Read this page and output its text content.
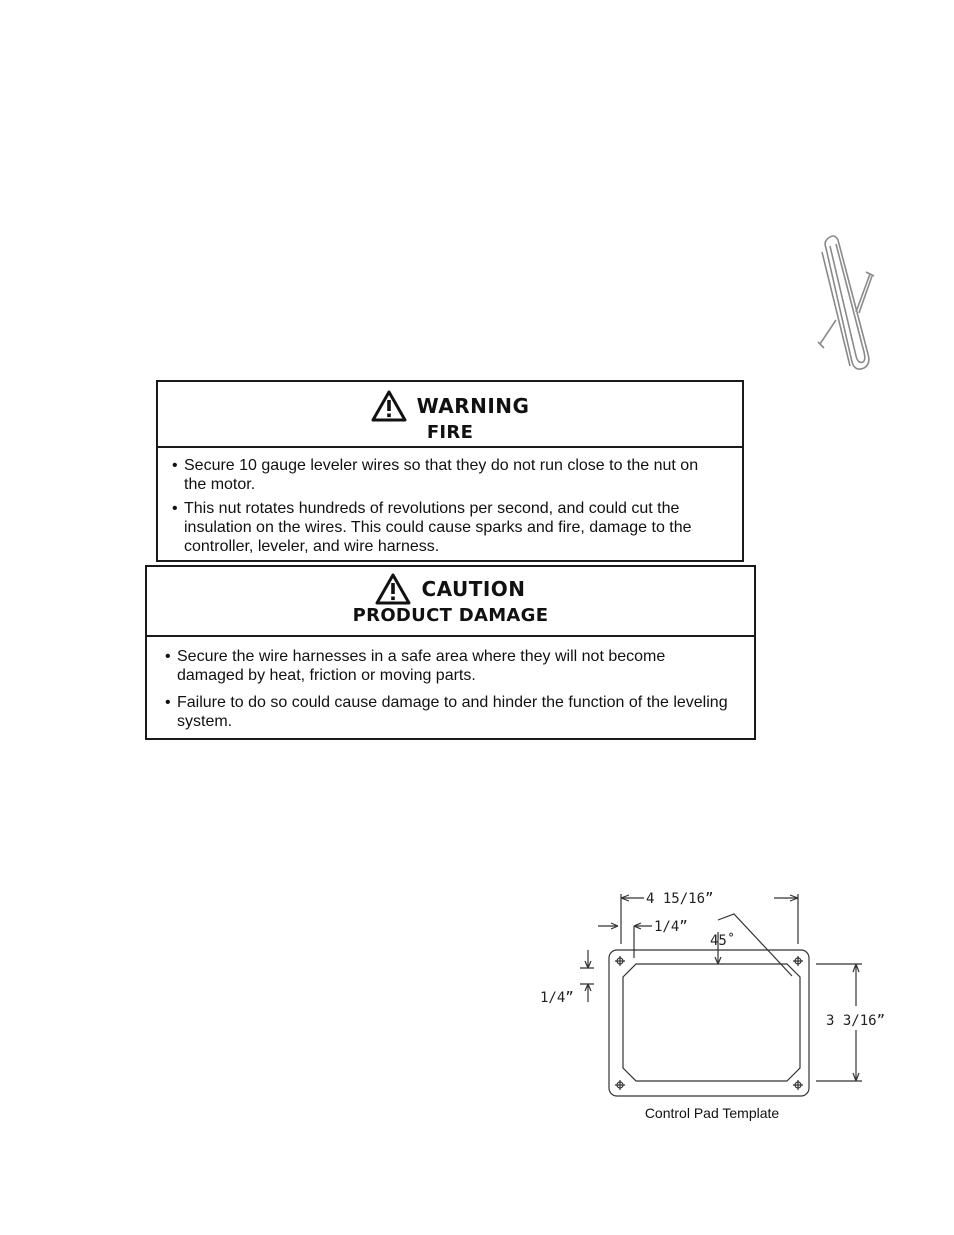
WARNING
FIRE
• Secure 10 gauge leveler wires so that they do not run close to the nut on the motor.
• This nut rotates hundreds of revolutions per second, and could cut the insulation on the wires. This could cause sparks and fire, damage to the controller, leveler, and wire harness.
CAUTION
PRODUCT DAMAGE
• Secure the wire harnesses in a safe area where they will not become damaged by heat, friction or moving parts.
• Failure to do so could cause damage to and hinder the function of the leveling system.
4 15/16”
1/4”
45˚
1/4”
3 3/16”
Control Pad Template
